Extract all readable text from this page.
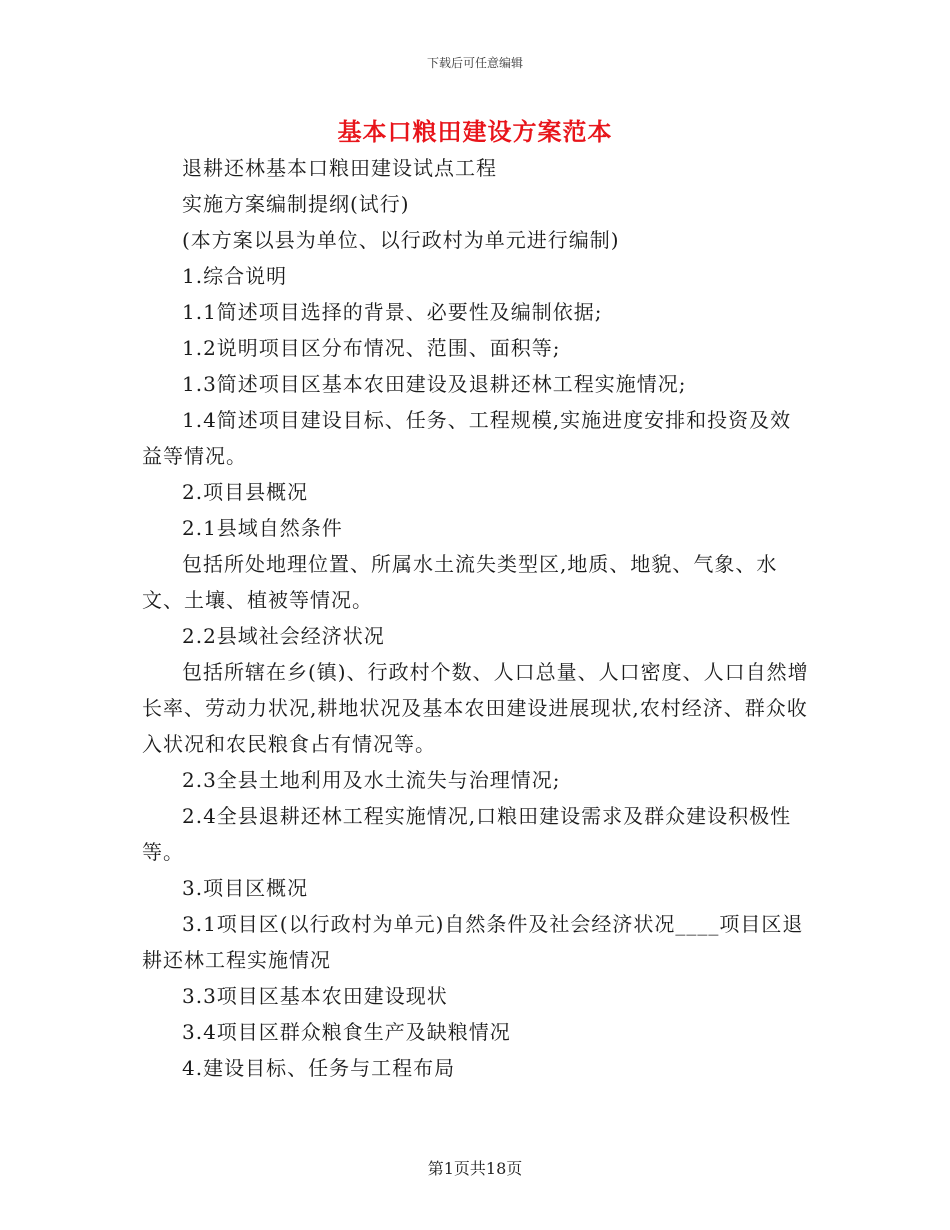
下载后可任意编辑
基本口粮田建设方案范本

退耕还林基本口粮田建设试点工程

实施方案编制提纲(试行)

(本方案以县为单位、以行政村为单元进行编制)

1.综合说明

1.1简述项目选择的背景、必要性及编制依据;

1.2说明项目区分布情况、范围、面积等;

1.3简述项目区基本农田建设及退耕还林工程实施情况;

1.4简述项目建设目标、任务、工程规模,实施进度安排和投资及效益等情况。

2.项目县概况

2.1县域自然条件

包括所处地理位置、所属水土流失类型区,地质、地貌、气象、水文、土壤、植被等情况。

2.2县域社会经济状况

包括所辖在乡(镇)、行政村个数、人口总量、人口密度、人口自然增长率、劳动力状况,耕地状况及基本农田建设进展现状,农村经济、群众收入状况和农民粮食占有情况等。

2.3全县土地利用及水土流失与治理情况;

2.4全县退耕还林工程实施情况,口粮田建设需求及群众建设积极性等。

3.项目区概况

3.1项目区(以行政村为单元)自然条件及社会经济状况____项目区退耕还林工程实施情况

3.3项目区基本农田建设现状

3.4项目区群众粮食生产及缺粮情况

4.建设目标、任务与工程布局

第1页共18页
